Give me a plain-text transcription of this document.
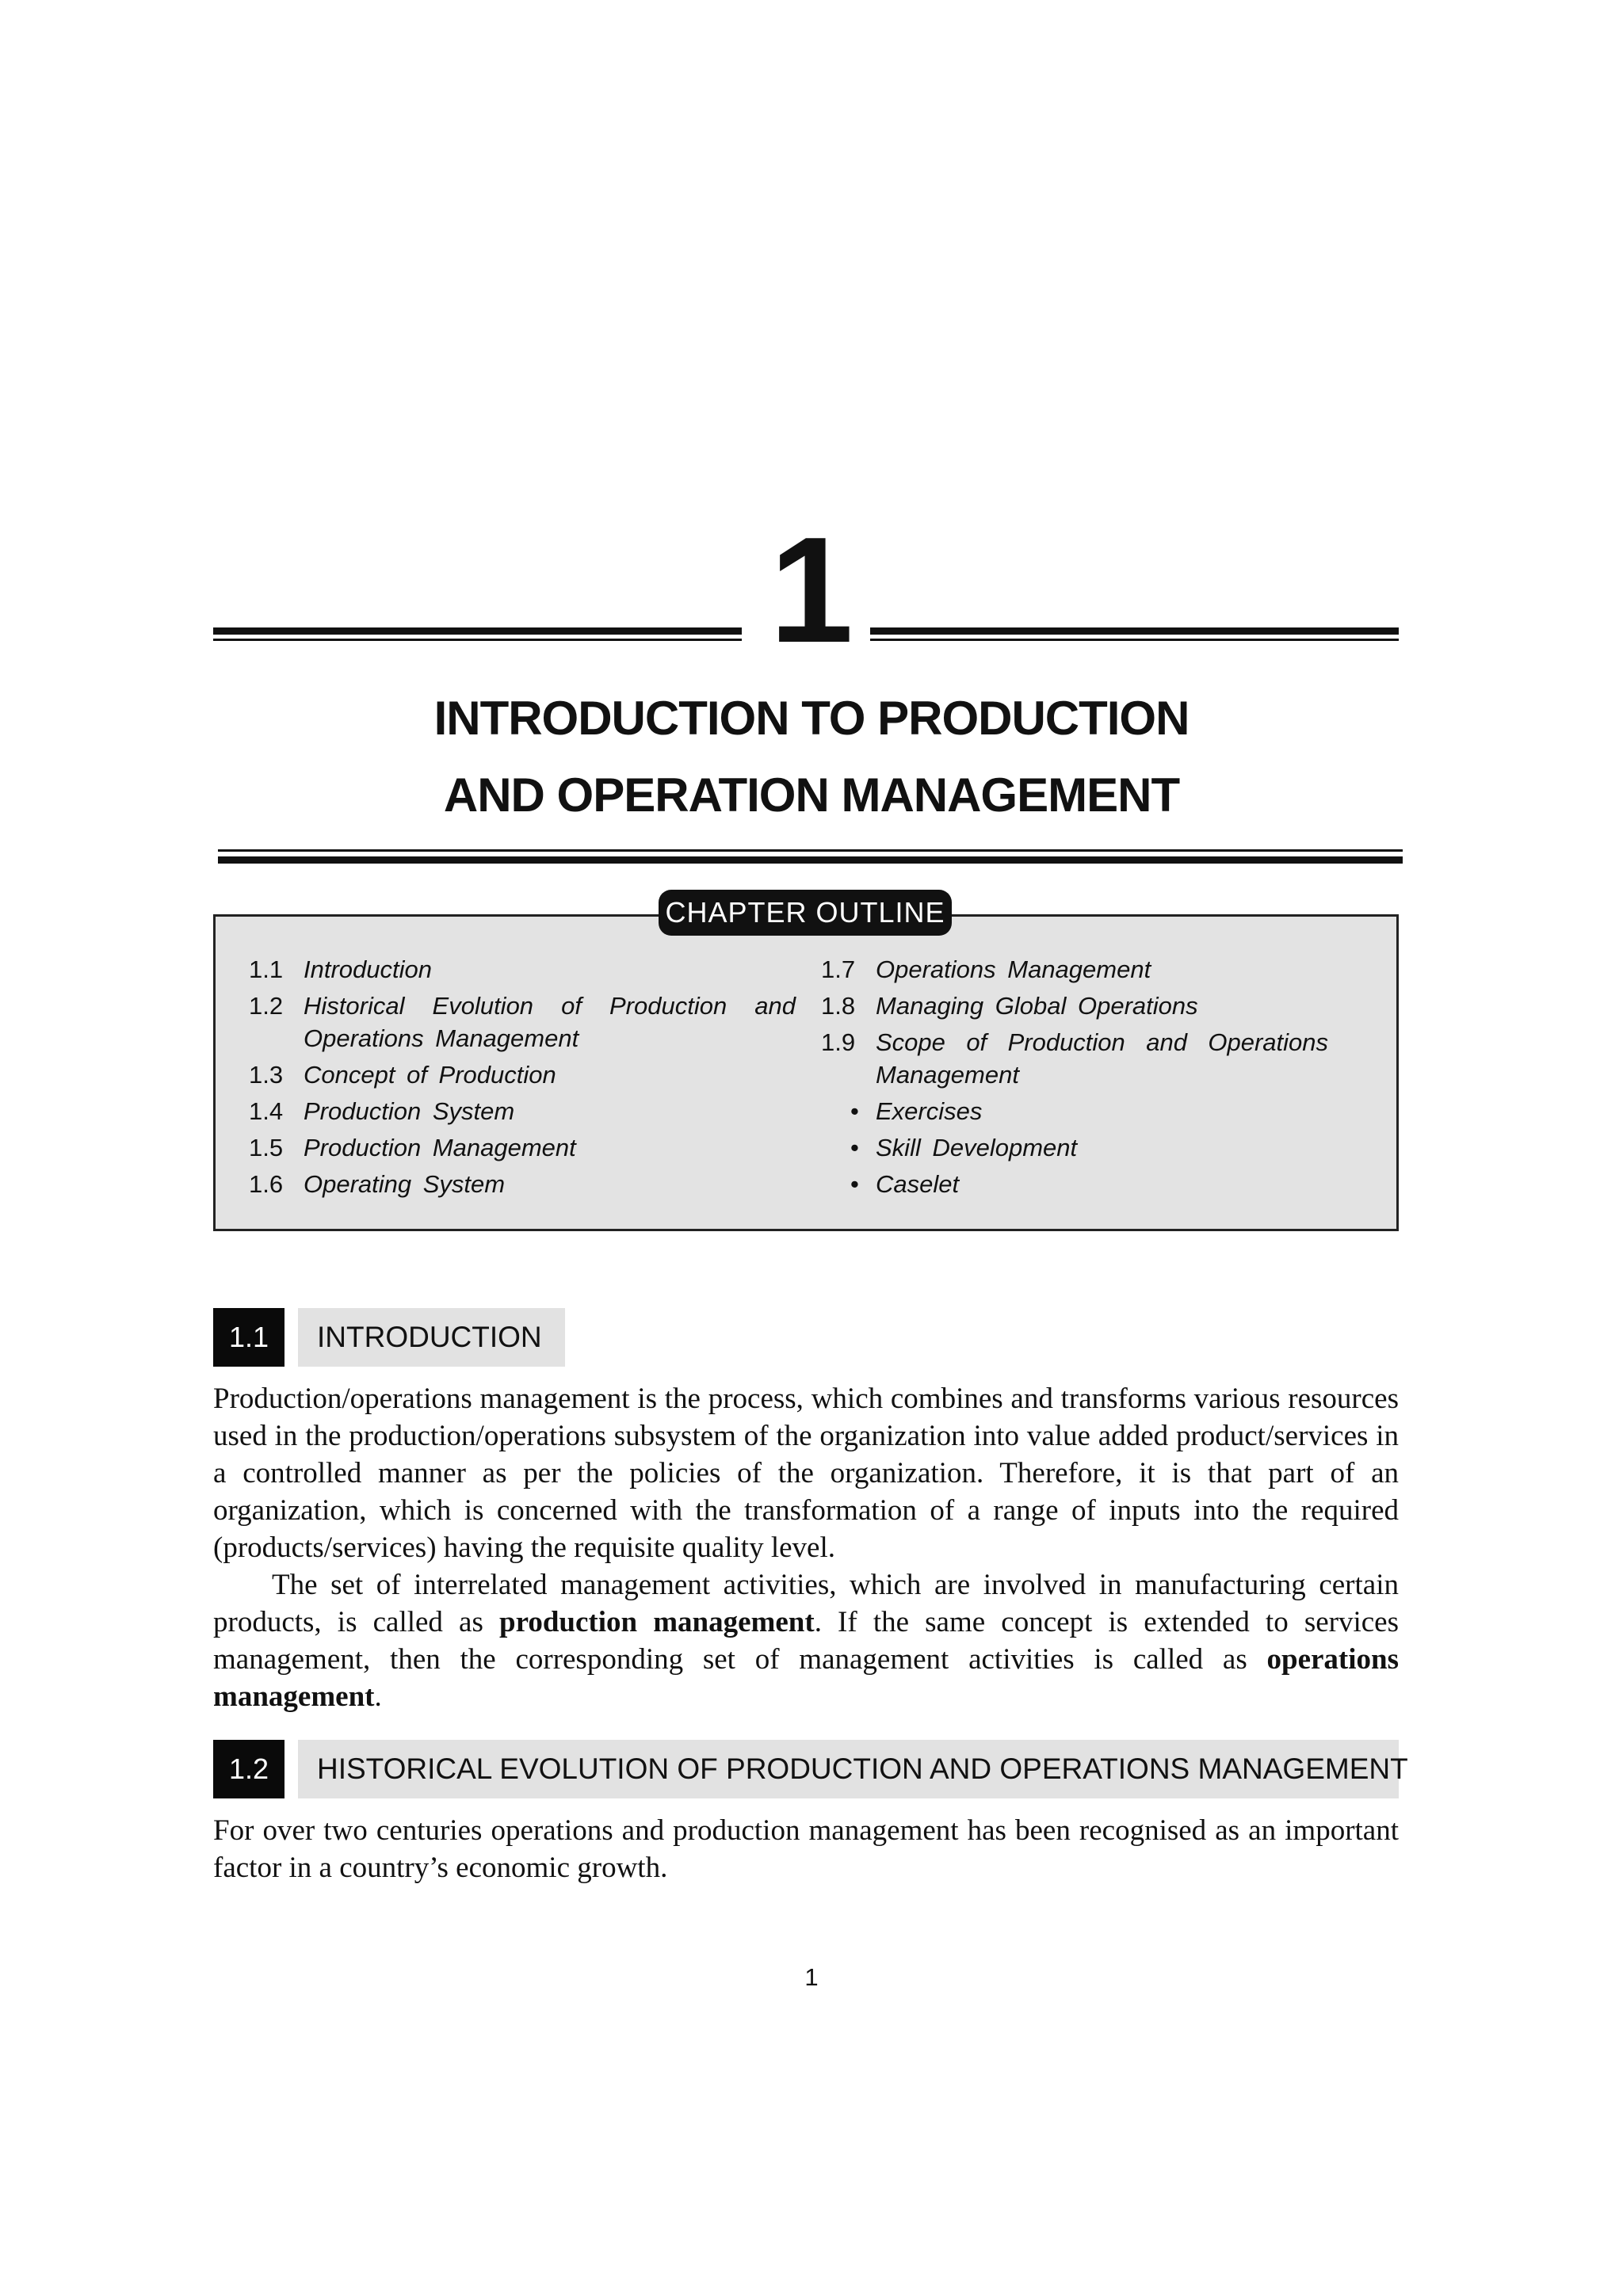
1
INTRODUCTION TO PRODUCTION
AND OPERATION MANAGEMENT
CHAPTER OUTLINE
1.1 Introduction
1.2 Historical Evolution of Production and Operations Management
1.3 Concept of Production
1.4 Production System
1.5 Production Management
1.6 Operating System
1.7 Operations Management
1.8 Managing Global Operations
1.9 Scope of Production and Operations Management
• Exercises
• Skill Development
• Caselet
1.1	INTRODUCTION

Production/operations management is the process, which combines and transforms various resources used in the production/operations subsystem of the organization into value added product/services in a controlled manner as per the policies of the organization. Therefore, it is that part of an organization, which is concerned with the transformation of a range of inputs into the required (products/services) having the requisite quality level.

The set of interrelated management activities, which are involved in manufacturing certain products, is called as production management. If the same concept is extended to services management, then the corresponding set of management activities is called as operations management.

1.2	HISTORICAL EVOLUTION OF PRODUCTION AND OPERATIONS MANAGEMENT

For over two centuries operations and production management has been recognised as an important factor in a country’s economic growth.

1
